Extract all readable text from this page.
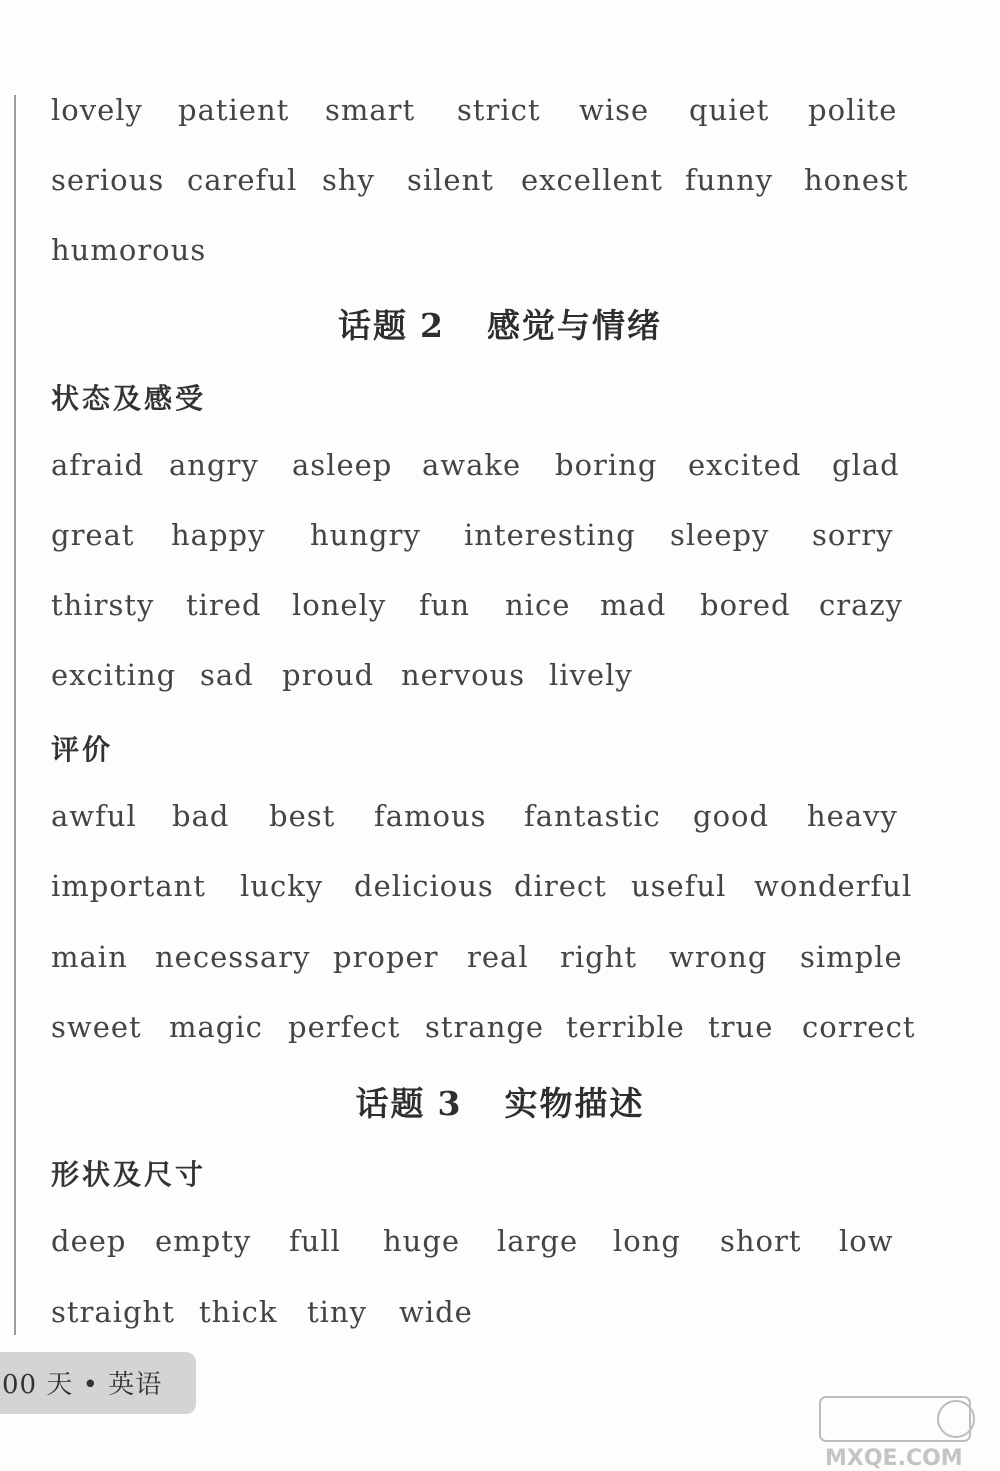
lovely patient smart strict wise quiet polite
serious careful shy silent excellent funny honest
humorous
话题 2 感觉与情绪
状态及感受
afraid angry asleep awake boring excited glad
great happy hungry interesting sleepy sorry
thirsty tired lonely fun nice mad bored crazy
exciting sad proud nervous lively
评价
awful bad best famous fantastic good heavy
important lucky delicious direct useful wonderful
main necessary proper real right wrong simple
sweet magic perfect strange terrible true correct
话题 3 实物描述
形状及尺寸
deep empty full huge large long short low
straight thick tiny wide
00 天 • 英语
MXQE.COM
